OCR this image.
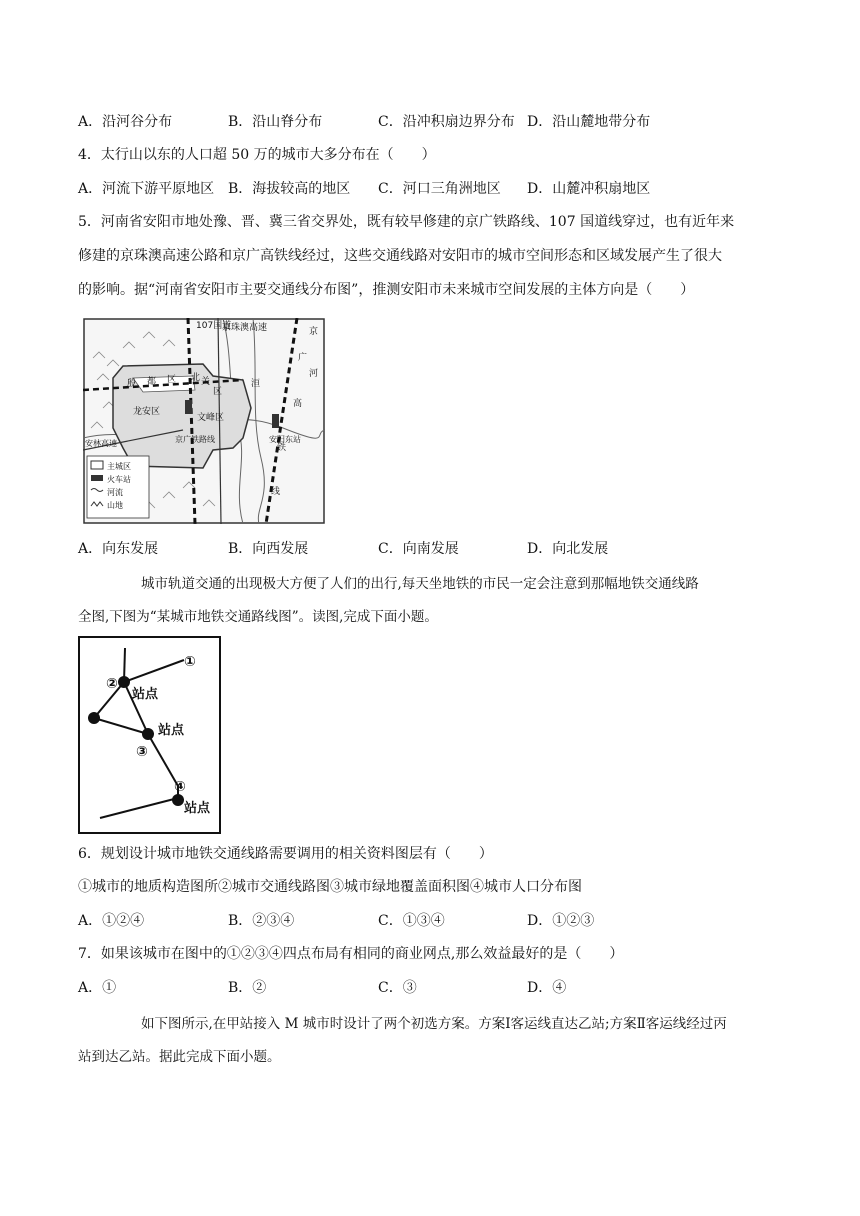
A．沿河谷分布	B．沿山脊分布	C．沿冲积扇边界分布 D．沿山麓地带分布
4．太行山以东的人口超 50 万的城市大多分布在（　　）
A．河流下游平原地区 B．海拔较高的地区 C．河口三角洲地区 D．山麓冲积扇地区
5．河南省安阳市地处豫、晋、冀三省交界处，既有较早修建的京广铁路线、107 国道线穿过，也有近年来
修建的京珠澳高速公路和京广高铁线经过，这些交通线路对安阳市的城市空间形态和区域发展产生了很大
的影响。据“河南省安阳市主要交通线分布图”，推测安阳市未来城市空间发展的主体方向是（　　）
107国道
京珠澳高速	京
广
河
高
铁
线
殷 都 区 北 关
区
龙安区
文峰区
洹
安阳东站
安林高速	京广铁路线
主城区
火车站
河流
山地
A．向东发展	B．向西发展	C．向南发展	D．向北发展
城市轨道交通的出现极大方便了人们的出行,每天坐地铁的市民一定会注意到那幅地铁交通线路
全图,下图为“某城市地铁交通路线图”。读图,完成下面小题。
①
②
③
④
站点
站点
站点
6．规划设计城市地铁交通线路需要调用的相关资料图层有（　　）
①城市的地质构造图所②城市交通线路图③城市绿地覆盖面积图④城市人口分布图
A．①②④	B．②③④	C．①③④	D．①②③
7．如果该城市在图中的①②③④四点布局有相同的商业网点,那么效益最好的是（　　）
A．①	B．②	C．③	D．④
如下图所示,在甲站接入 M 城市时设计了两个初选方案。方案Ⅰ客运线直达乙站;方案Ⅱ客运线经过丙
站到达乙站。据此完成下面小题。
